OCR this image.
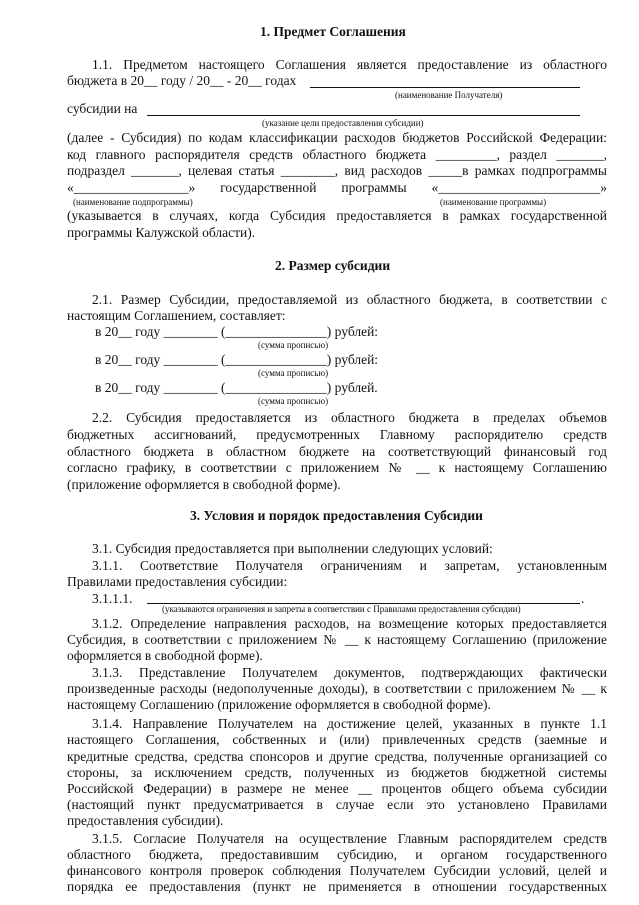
1. Предмет Соглашения
1.1. Предметом настоящего Соглашения является предоставление из областного
бюджета в 20__ году / 20__ - 20__ годах
(наименование Получателя)
субсидии на
(указание цели предоставления субсидии)
(далее - Субсидия) по кодам классификации расходов бюджетов Российской Федерации:
код главного распорядителя средств областного бюджета _________, раздел _______,
подраздел _______, целевая статья ________, вид расходов _____в рамках подпрограммы
«_________________» государственной программы «________________________»
(наименование подпрограммы)	(наименование программы)
(указывается в случаях, когда Субсидия предоставляется в рамках государственной
программы Калужской области).
2. Размер субсидии
2.1. Размер Субсидии, предоставляемой из областного бюджета, в соответствии с
настоящим Соглашением, составляет:
в 20__ году ________ (_______________) рублей:
(сумма прописью)
в 20__ году ________ (_______________) рублей:
(сумма прописью)
в 20__ году ________ (_______________) рублей.
(сумма прописью)
2.2. Субсидия предоставляется из областного бюджета в пределах объемов
бюджетных ассигнований, предусмотренных Главному распорядителю средств
областного бюджета в областном бюджете на соответствующий финансовый год
согласно графику, в соответствии с приложением № __ к настоящему Соглашению
(приложение оформляется в свободной форме).
3. Условия и порядок предоставления Субсидии
3.1. Субсидия предоставляется при выполнении следующих условий:
3.1.1. Соответствие Получателя ограничениям и запретам, установленным
Правилами предоставления субсидии:
3.1.1.1.	.
(указываются ограничения и запреты в соответствии с Правилами предоставления субсидии)
3.1.2. Определение направления расходов, на возмещение которых предоставляется
Субсидия, в соответствии с приложением № __ к настоящему Соглашению (приложение
оформляется в свободной форме).
3.1.3. Представление Получателем документов, подтверждающих фактически
произведенные расходы (недополученные доходы), в соответствии с приложением № __ к
настоящему Соглашению (приложение оформляется в свободной форме).
3.1.4. Направление Получателем на достижение целей, указанных в пункте 1.1
настоящего Соглашения, собственных и (или) привлеченных средств (заемные и
кредитные средства, средства спонсоров и другие средства, полученные организацией со
стороны, за исключением средств, полученных из бюджетов бюджетной системы
Российской Федерации) в размере не менее __ процентов общего объема субсидии
(настоящий пункт предусматривается в случае если это установлено Правилами
предоставления субсидии).
3.1.5. Согласие Получателя на осуществление Главным распорядителем средств
областного бюджета, предоставившим субсидию, и органом государственного
финансового контроля проверок соблюдения Получателем Субсидии условий, целей и
порядка ее предоставления (пункт не применяется в отношении государственных
